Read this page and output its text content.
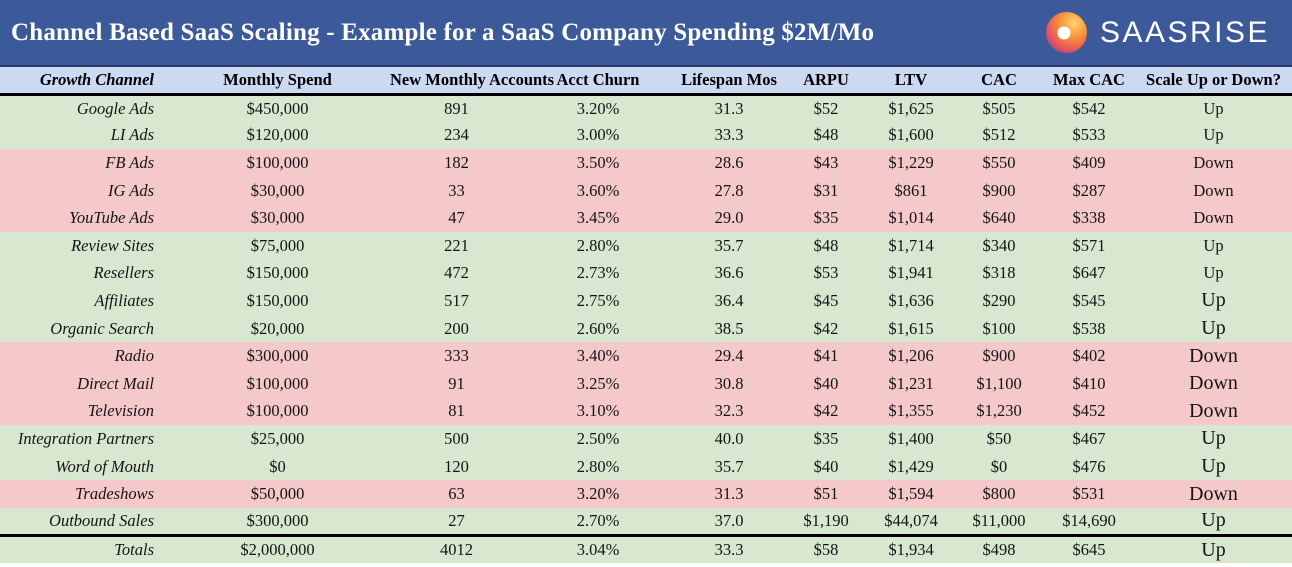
Channel Based SaaS Scaling - Example for a SaaS Company Spending $2M/Mo	SAASRISE
Growth Channel	Monthly Spend	New Monthly Accounts	Acct Churn	Lifespan Mos	ARPU	LTV	CAC	Max CAC	Scale Up or Down?
Google Ads	$450,000	891	3.20%	31.3	$52	$1,625	$505	$542	Up
LI Ads	$120,000	234	3.00%	33.3	$48	$1,600	$512	$533	Up
FB Ads	$100,000	182	3.50%	28.6	$43	$1,229	$550	$409	Down
IG Ads	$30,000	33	3.60%	27.8	$31	$861	$900	$287	Down
YouTube Ads	$30,000	47	3.45%	29.0	$35	$1,014	$640	$338	Down
Review Sites	$75,000	221	2.80%	35.7	$48	$1,714	$340	$571	Up
Resellers	$150,000	472	2.73%	36.6	$53	$1,941	$318	$647	Up
Affiliates	$150,000	517	2.75%	36.4	$45	$1,636	$290	$545	Up
Organic Search	$20,000	200	2.60%	38.5	$42	$1,615	$100	$538	Up
Radio	$300,000	333	3.40%	29.4	$41	$1,206	$900	$402	Down
Direct Mail	$100,000	91	3.25%	30.8	$40	$1,231	$1,100	$410	Down
Television	$100,000	81	3.10%	32.3	$42	$1,355	$1,230	$452	Down
Integration Partners	$25,000	500	2.50%	40.0	$35	$1,400	$50	$467	Up
Word of Mouth	$0	120	2.80%	35.7	$40	$1,429	$0	$476	Up
Tradeshows	$50,000	63	3.20%	31.3	$51	$1,594	$800	$531	Down
Outbound Sales	$300,000	27	2.70%	37.0	$1,190	$44,074	$11,000	$14,690	Up
Totals	$2,000,000	4012	3.04%	33.3	$58	$1,934	$498	$645	Up
